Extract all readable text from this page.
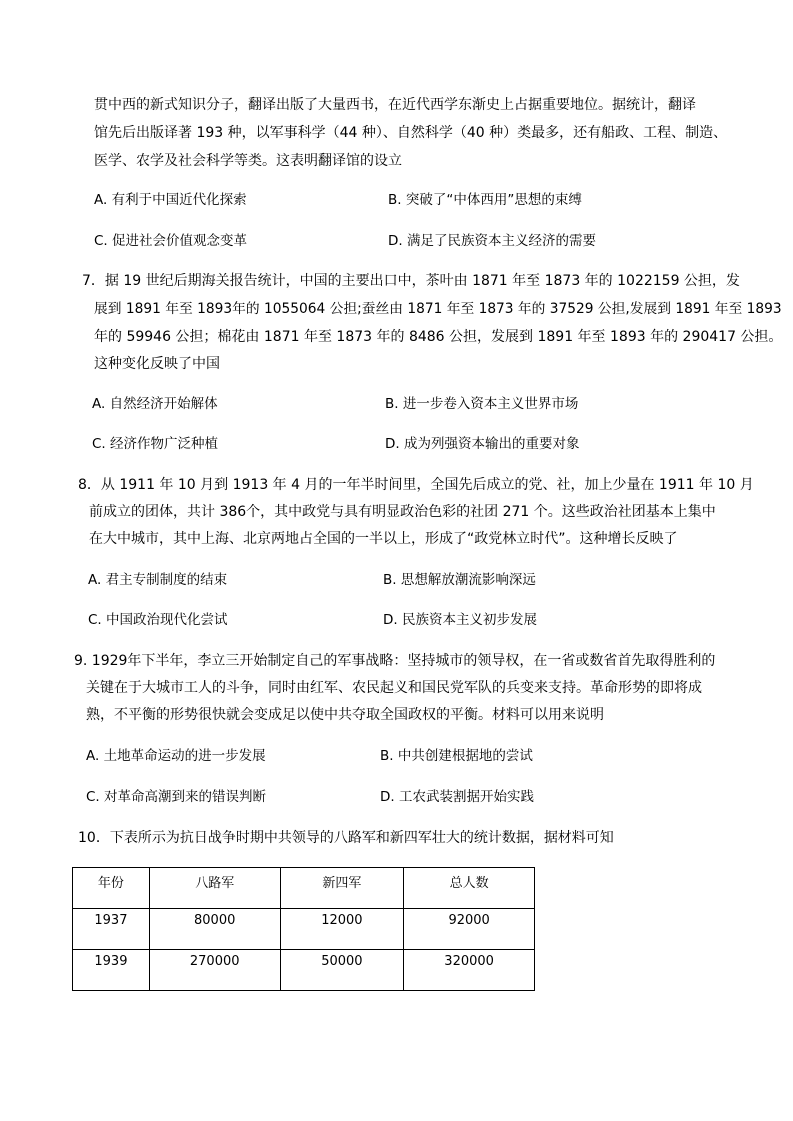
贯中西的新式知识分子，翻译出版了大量西书，在近代西学东渐史上占据重要地位。据统计，翻译
馆先后出版译著 193 种，以军事科学（44 种）、自然科学（40 种）类最多，还有船政、工程、制造、
医学、农学及社会科学等类。这表明翻译馆的设立
A. 有利于中国近代化探索	B. 突破了“中体西用”思想的束缚
C. 促进社会价值观念变革	D. 满足了民族资本主义经济的需要
7．据 19 世纪后期海关报告统计，中国的主要出口中，茶叶由 1871 年至 1873 年的 1022159 公担，发
展到 1891 年至 1893年的 1055064 公担;蚕丝由 1871 年至 1873 年的 37529 公担,发展到 1891 年至 1893
年的 59946 公担；棉花由 1871 年至 1873 年的 8486 公担，发展到 1891 年至 1893 年的 290417 公担。
这种变化反映了中国
A. 自然经济开始解体	B. 进一步卷入资本主义世界市场
C. 经济作物广泛种植	D. 成为列强资本输出的重要对象
8．从 1911 年 10 月到 1913 年 4 月的一年半时间里，全国先后成立的党、社，加上少量在 1911 年 10 月
前成立的团体，共计 386个，其中政党与具有明显政治色彩的社团 271 个。这些政治社团基本上集中
在大中城市，其中上海、北京两地占全国的一半以上，形成了“政党林立时代”。这种增长反映了
A. 君主专制制度的结束	B. 思想解放潮流影响深远
C. 中国政治现代化尝试	D. 民族资本主义初步发展
9. 1929年下半年，李立三开始制定自己的军事战略：坚持城市的领导权，在一省或数省首先取得胜利的
关键在于大城市工人的斗争，同时由红军、农民起义和国民党军队的兵变来支持。革命形势的即将成
熟，不平衡的形势很快就会变成足以使中共夺取全国政权的平衡。材料可以用来说明
A. 土地革命运动的进一步发展	B. 中共创建根据地的尝试
C. 对革命高潮到来的错误判断	D. 工农武装割据开始实践
10．下表所示为抗日战争时期中共领导的八路军和新四军壮大的统计数据，据材料可知
年份	八路军	新四军	总人数
1937	80000	12000	92000
1939	270000	50000	320000
